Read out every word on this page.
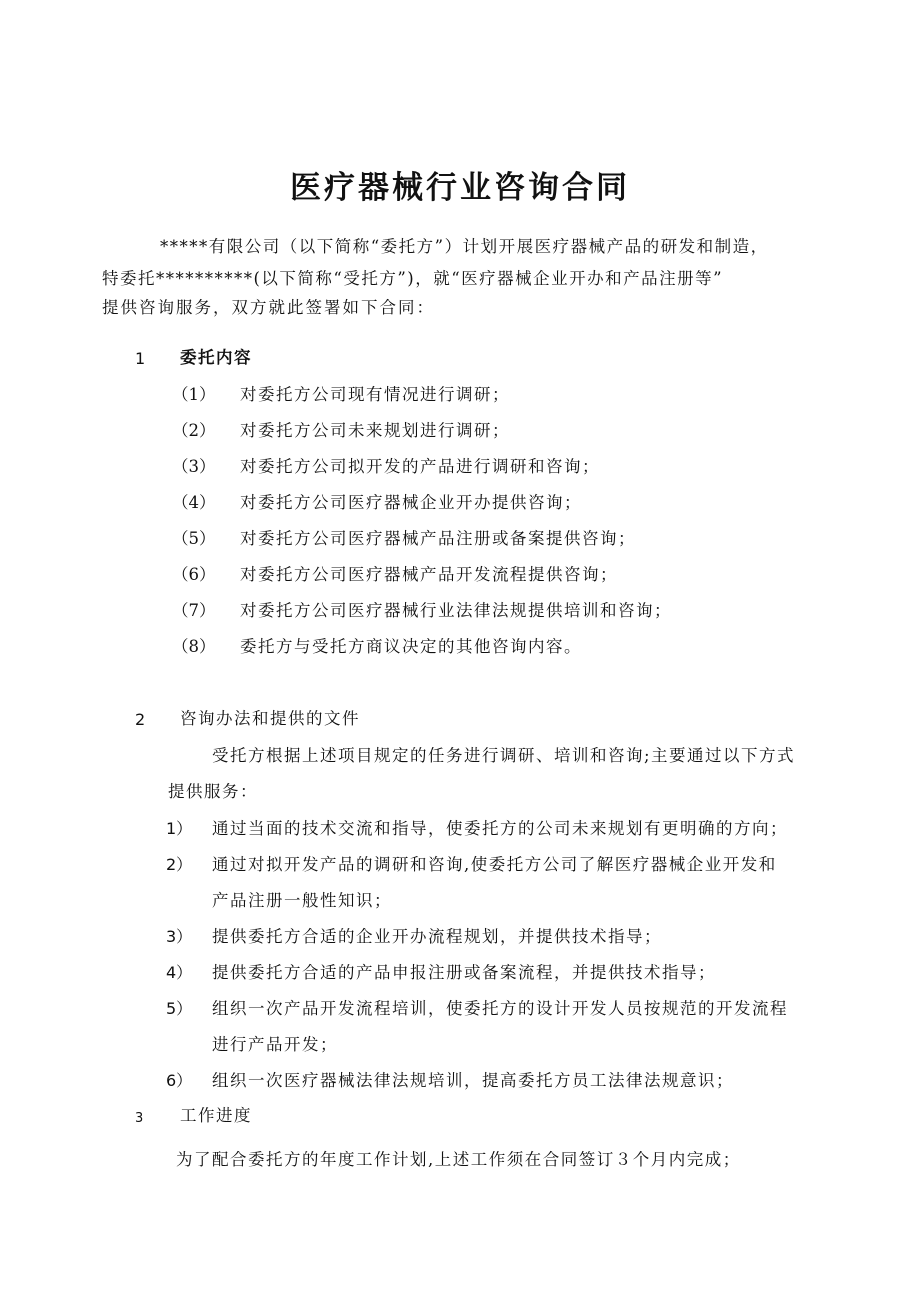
医疗器械行业咨询合同
*****有限公司（以下简称“委托方”）计划开展医疗器械产品的研发和制造，
特委托**********(以下简称“受托方”)，就“医疗器械企业开办和产品注册等”
提供咨询服务，双方就此签署如下合同：
1 委托内容
（1） 对委托方公司现有情况进行调研；
（2） 对委托方公司未来规划进行调研；
（3） 对委托方公司拟开发的产品进行调研和咨询；
（4） 对委托方公司医疗器械企业开办提供咨询；
（5） 对委托方公司医疗器械产品注册或备案提供咨询；
（6） 对委托方公司医疗器械产品开发流程提供咨询；
（7） 对委托方公司医疗器械行业法律法规提供培训和咨询；
（8） 委托方与受托方商议决定的其他咨询内容。
2 咨询办法和提供的文件
受托方根据上述项目规定的任务进行调研、培训和咨询;主要通过以下方式
提供服务：
1） 通过当面的技术交流和指导，使委托方的公司未来规划有更明确的方向；
2） 通过对拟开发产品的调研和咨询,使委托方公司了解医疗器械企业开发和
产品注册一般性知识；
3） 提供委托方合适的企业开办流程规划，并提供技术指导；
4） 提供委托方合适的产品申报注册或备案流程，并提供技术指导；
5） 组织一次产品开发流程培训，使委托方的设计开发人员按规范的开发流程
进行产品开发；
6） 组织一次医疗器械法律法规培训，提高委托方员工法律法规意识；
3 工作进度
为了配合委托方的年度工作计划,上述工作须在合同签订３个月内完成；
